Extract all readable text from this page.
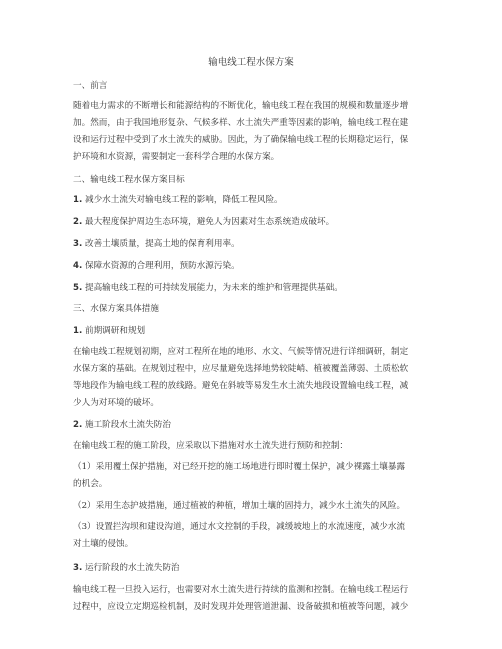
输电线工程水保方案
一、前言
随着电力需求的不断增长和能源结构的不断优化，输电线工程在我国的规模和数量逐步增
加。然而，由于我国地形复杂、气候多样、水土流失严重等因素的影响，输电线工程在建
设和运行过程中受到了水土流失的威胁。因此，为了确保输电线工程的长期稳定运行，保
护环境和水资源，需要制定一套科学合理的水保方案。
二、输电线工程水保方案目标
1. 减少水土流失对输电线工程的影响，降低工程风险。
2. 最大程度保护周边生态环境，避免人为因素对生态系统造成破坏。
3. 改善土壤质量，提高土地的保育利用率。
4. 保障水资源的合理利用，预防水源污染。
5. 提高输电线工程的可持续发展能力，为未来的维护和管理提供基础。
三、水保方案具体措施
1. 前期调研和规划
在输电线工程规划初期，应对工程所在地的地形、水文、气候等情况进行详细调研，制定
水保方案的基础。在规划过程中，应尽量避免选择地势较陡峭、植被覆盖薄弱、土质松软
等地段作为输电线工程的放线路。避免在斜坡等易发生水土流失地段设置输电线工程，减
少人为对环境的破坏。
2. 施工阶段水土流失防治
在输电线工程的施工阶段，应采取以下措施对水土流失进行预防和控制：
（1）采用覆土保护措施，对已经开挖的施工场地进行即时覆土保护，减少裸露土壤暴露
的机会。
（2）采用生态护坡措施，通过植被的种植，增加土壤的固持力，减少水土流失的风险。
（3）设置拦沟坝和建设沟道，通过水文控制的手段，减缓坡地上的水流速度，减少水流
对土壤的侵蚀。
3. 运行阶段的水土流失防治
输电线工程一旦投入运行，也需要对水土流失进行持续的监测和控制。在输电线工程运行
过程中，应设立定期巡检机制，及时发现并处理管道泄漏、设备破损和植被等问题，减少
